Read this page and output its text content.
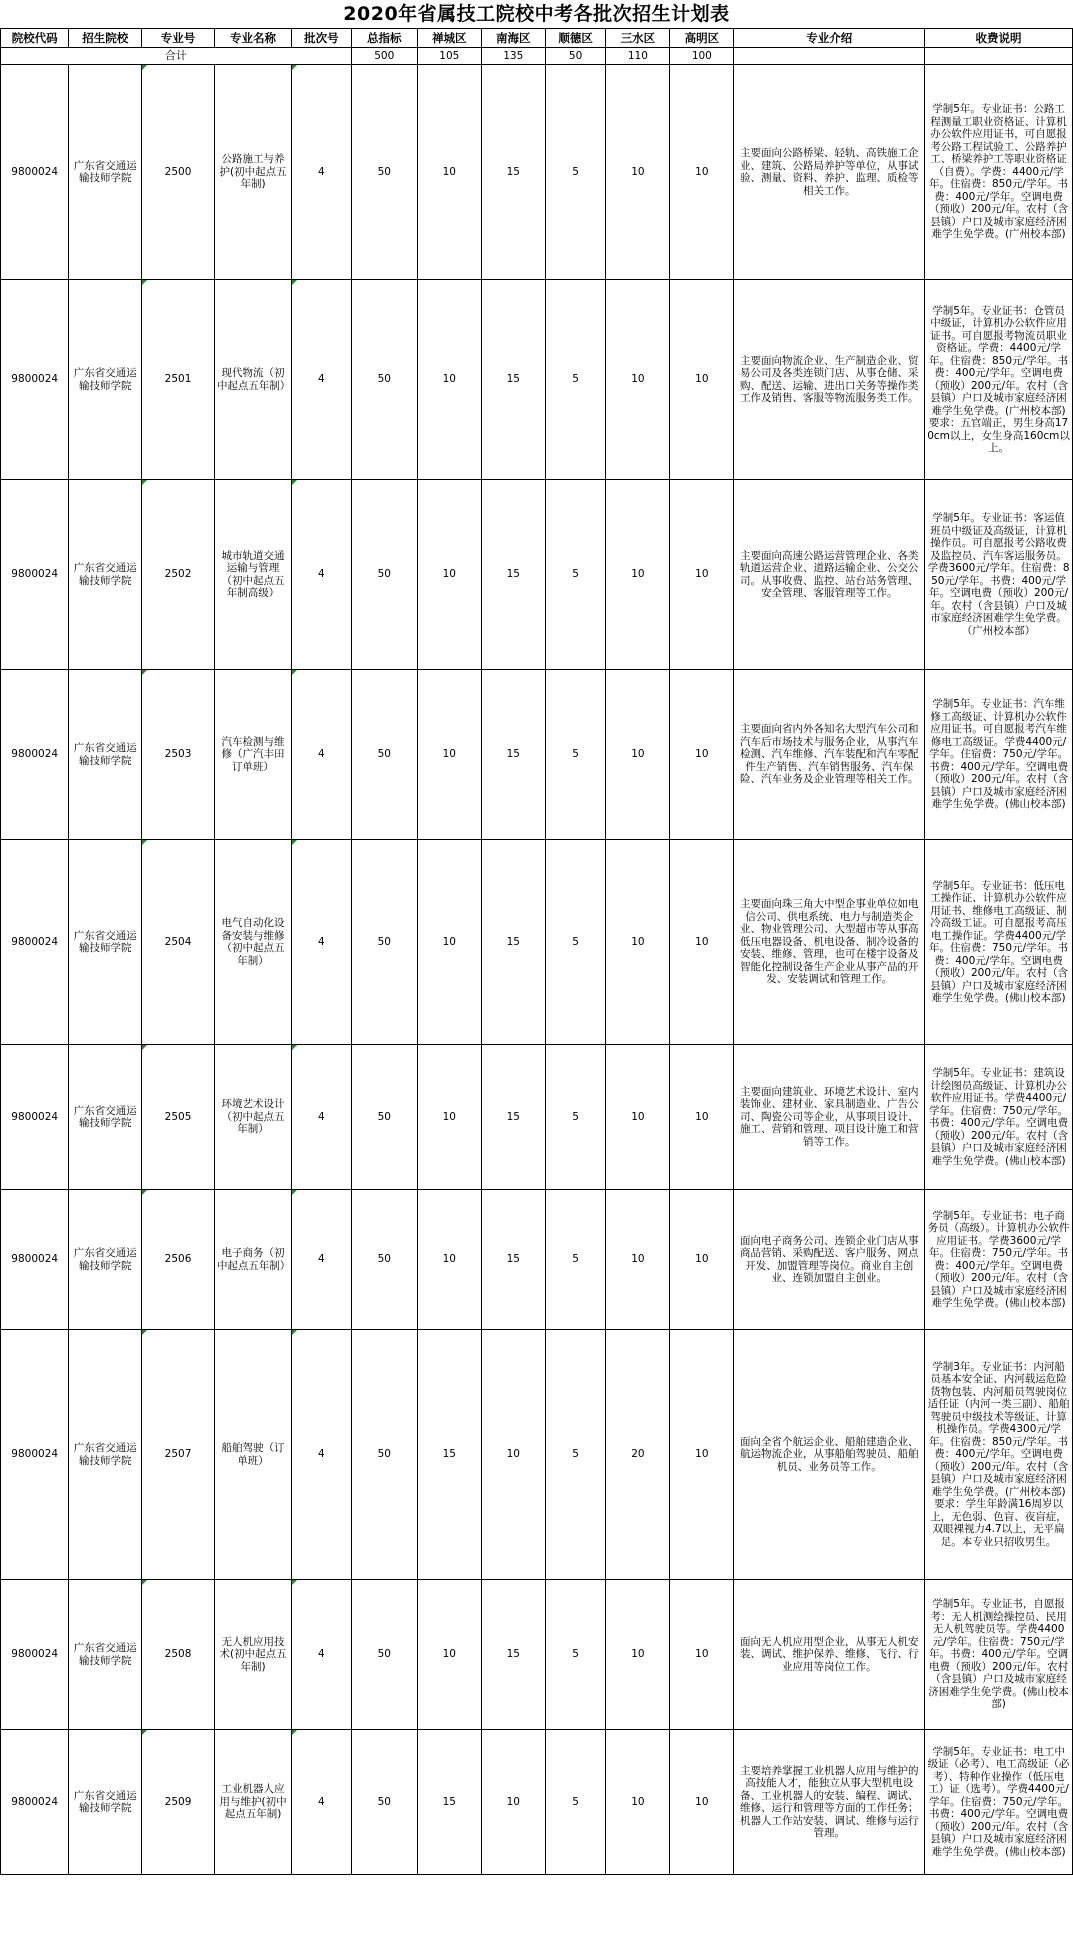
2020年省属技工院校中考各批次招生计划表
院校代码	招生院校	专业号	专业名称	批次号	总指标	禅城区	南海区	顺德区	三水区	高明区	专业介绍	收费说明
合计					500	105	135	50	110	100		
9800024	广东省交通运输技师学院	2500	公路施工与养护(初中起点五年制)	4	50	10	15	5	10	10	主要面向公路桥梁、轻轨、高铁施工企业、建筑、公路局养护等单位，从事试验、测量、资料、养护、监理、质检等相关工作。	学制5年。专业证书：公路工程测量工职业资格证、计算机办公软件应用证书，可自愿报考公路工程试验工、公路养护工、桥梁养护工等职业资格证（自费）。学费：4400元/学年。住宿费：850元/学年。书费：400元/学年。空调电费（预收）200元/年。农村（含县镇）户口及城市家庭经济困难学生免学费。(广州校本部)
9800024	广东省交通运输技师学院	2501	现代物流（初中起点五年制）	4	50	10	15	5	10	10	主要面向物流企业、生产制造企业、贸易公司及各类连锁门店、从事仓储、采购、配送、运输、进出口关务等操作类工作及销售、客服等物流服务类工作。	学制5年。专业证书：仓管员中级证，计算机办公软件应用证书。可自愿报考物流员职业资格证。学费：4400元/学年。住宿费：850元/学年。书费：400元/学年。空调电费（预收）200元/年。农村（含县镇）户口及城市家庭经济困难学生免学费。(广州校本部)要求：五官端正，男生身高170cm以上，女生身高160cm以上。
9800024	广东省交通运输技师学院	2502	城市轨道交通运输与管理（初中起点五年制高级）	4	50	10	15	5	10	10	主要面向高速公路运营管理企业、各类轨道运营企业、道路运输企业、公交公司。从事收费、监控、站台站务管理、安全管理、客服管理等工作。	学制5年。专业证书：客运值班员中级证及高级证，计算机操作员。可自愿报考公路收费及监控员、汽车客运服务员。学费3600元/学年。住宿费：850元/学年。书费：400元/学年。空调电费（预收）200元/年。农村（含县镇）户口及城市家庭经济困难学生免学费。（广州校本部）
9800024	广东省交通运输技师学院	2503	汽车检测与维修（广汽丰田订单班）	4	50	10	15	5	10	10	主要面向省内外各知名大型汽车公司和汽车后市场技术与服务企业，从事汽车检测、汽车维修、汽车装配和汽车零配件生产销售、汽车销售服务、汽车保险、汽车业务及企业管理等相关工作。	学制5年。专业证书：汽车维修工高级证、计算机办公软件应用证书。可自愿报考汽车维修电工高级证。学费4400元/学年。住宿费：750元/学年。书费：400元/学年。空调电费（预收）200元/年。农村（含县镇）户口及城市家庭经济困难学生免学费。(佛山校本部)
9800024	广东省交通运输技师学院	2504	电气自动化设备安装与维修（初中起点五年制）	4	50	10	15	5	10	10	主要面向珠三角大中型企事业单位如电信公司、供电系统、电力与制造类企业、物业管理公司、大型超市等从事高低压电器设备、机电设备、制冷设备的安装、维修、管理，也可在楼宇设备及智能化控制设备生产企业从事产品的开发、安装调试和管理工作。	学制5年。专业证书：低压电工操作证、计算机办公软件应用证书、维修电工高级证、制冷高级工证。可自愿报考高压电工操作证。学费4400元/学年。住宿费：750元/学年。书费：400元/学年。空调电费（预收）200元/年。农村（含县镇）户口及城市家庭经济困难学生免学费。(佛山校本部)
9800024	广东省交通运输技师学院	2505	环境艺术设计（初中起点五年制）	4	50	10	15	5	10	10	主要面向建筑业、环境艺术设计、室内装饰业、建材业、家具制造业、广告公司、陶瓷公司等企业，从事项目设计、施工、营销和管理、项目设计施工和营销等工作。	学制5年。专业证书：建筑设计绘图员高级证、计算机办公软件应用证书。学费4400元/学年。住宿费：750元/学年。书费：400元/学年。空调电费（预收）200元/年。农村（含县镇）户口及城市家庭经济困难学生免学费。(佛山校本部)
9800024	广东省交通运输技师学院	2506	电子商务（初中起点五年制）	4	50	10	15	5	10	10	面向电子商务公司、连锁企业门店从事商品营销、采购配送、客户服务、网点开发、加盟管理等岗位。商业自主创业、连锁加盟自主创业。	学制5年。专业证书：电子商务员（高级）。计算机办公软件应用证书。学费3600元/学年。住宿费：750元/学年。书费：400元/学年。空调电费（预收）200元/年。农村（含县镇）户口及城市家庭经济困难学生免学费。(佛山校本部)
9800024	广东省交通运输技师学院	2507	船舶驾驶（订单班）	4	50	15	10	5	20	10	面向全省个航运企业、船舶建造企业、航运物流企业，从事船舶驾驶员、船舶机员、业务员等工作。	学制3年。专业证书：内河船员基本安全证、内河载运危险货物包装、内河船员驾驶岗位适任证（内河一类三副）、船舶驾驶员中级技术等级证、计算机操作员。学费4300元/学年。住宿费：850元/学年。书费：400元/学年。空调电费（预收）200元/年。农村（含县镇）户口及城市家庭经济困难学生免学费。(广州校本部)要求：学生年龄满16周岁以上，无色弱、色盲、夜盲症，双眼裸视力4.7以上，无平扁足。本专业只招收男生。
9800024	广东省交通运输技师学院	2508	无人机应用技术(初中起点五年制)	4	50	10	15	5	10	10	面向无人机应用型企业，从事无人机安装、调试、维护保养、维修、飞行、行业应用等岗位工作。	学制5年。专业证书，自愿报考：无人机测绘操控员、民用无人机驾驶员等。学费4400元/学年。住宿费：750元/学年。书费：400元/学年。空调电费（预收）200元/年。农村（含县镇）户口及城市家庭经济困难学生免学费。(佛山校本部)
9800024	广东省交通运输技师学院	2509	工业机器人应用与维护(初中起点五年制)	4	50	15	10	5	10	10	主要培养掌握工业机器人应用与维护的高技能人才，能独立从事大型机电设备、工业机器人的安装、编程、调试、维修、运行和管理等方面的工作任务；机器人工作站安装、调试、维修与运行管理。	学制5年。专业证书：电工中级证（必考）、电工高级证（必考）、特种作业操作（低压电工）证（选考）。学费4400元/学年。住宿费：750元/学年。书费：400元/学年。空调电费（预收）200元/年。农村（含县镇）户口及城市家庭经济困难学生免学费。(佛山校本部)
